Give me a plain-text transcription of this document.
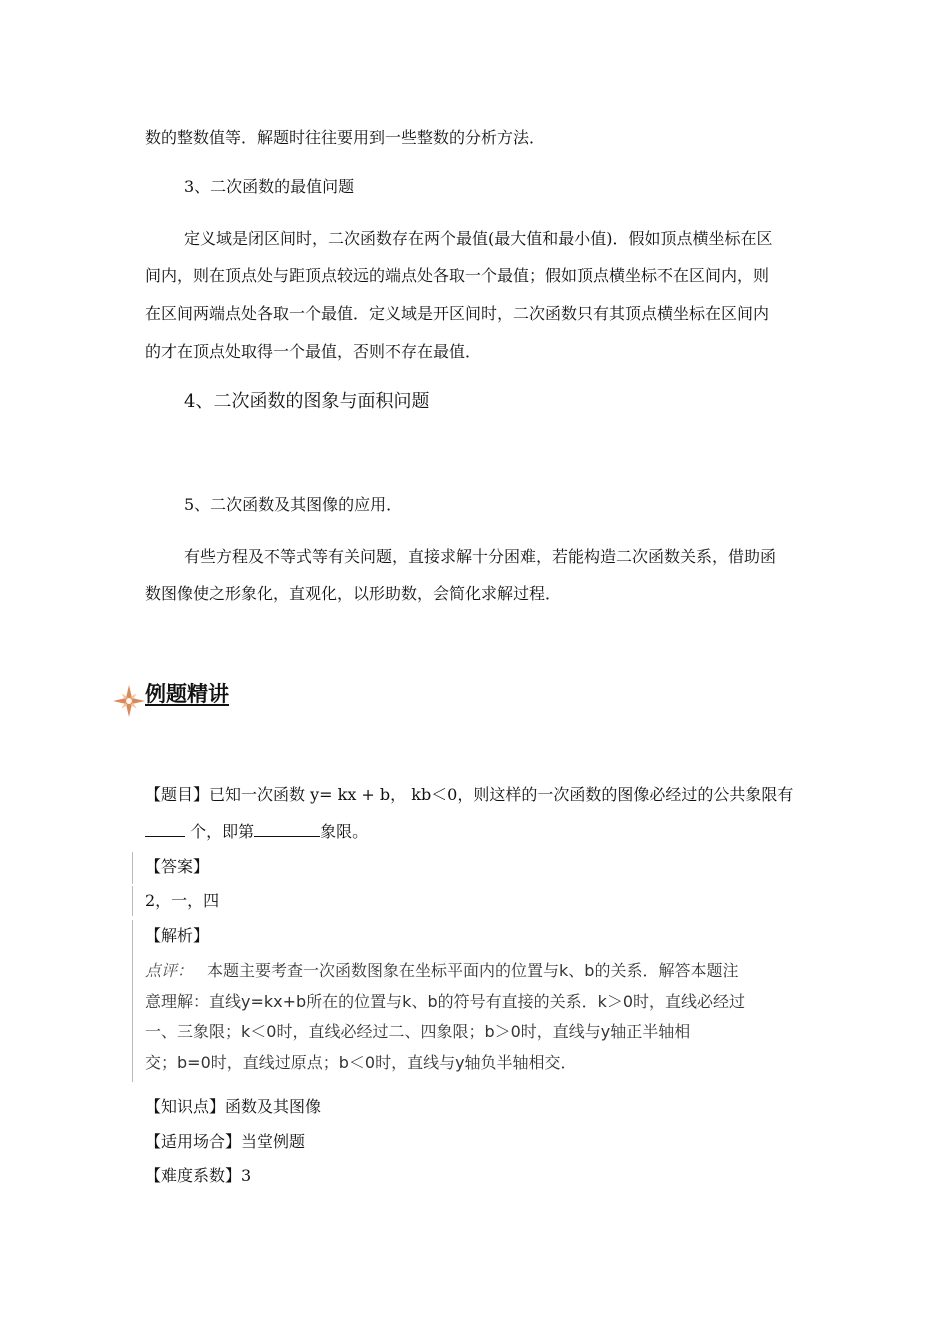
数的整数值等．解题时往往要用到一些整数的分析方法．
3、二次函数的最值问题
定义域是闭区间时，二次函数存在两个最值(最大值和最小值)．假如顶点横坐标在区
间内，则在顶点处与距顶点较远的端点处各取一个最值；假如顶点横坐标不在区间内，则
在区间两端点处各取一个最值．定义域是开区间时，二次函数只有其顶点横坐标在区间内
的才在顶点处取得一个最值，否则不存在最值．
4、二次函数的图象与面积问题
5、二次函数及其图像的应用．
有些方程及不等式等有关问题，直接求解十分困难，若能构造二次函数关系，借助函
数图像使之形象化，直观化，以形助数，会简化求解过程．
例题精讲
【题目】已知一次函数 y= kx + b， kb＜0，则这样的一次函数的图像必经过的公共象限有
个，即第	象限。
【答案】
2，一，四
【解析】
点评： 本题主要考查一次函数图象在坐标平面内的位置与k、b的关系．解答本题注
意理解：直线y=kx+b所在的位置与k、b的符号有直接的关系．k＞0时，直线必经过
一、三象限；k＜0时，直线必经过二、四象限；b＞0时，直线与y轴正半轴相
交；b=0时，直线过原点；b＜0时，直线与y轴负半轴相交．
【知识点】函数及其图像
【适用场合】当堂例题
【难度系数】3
